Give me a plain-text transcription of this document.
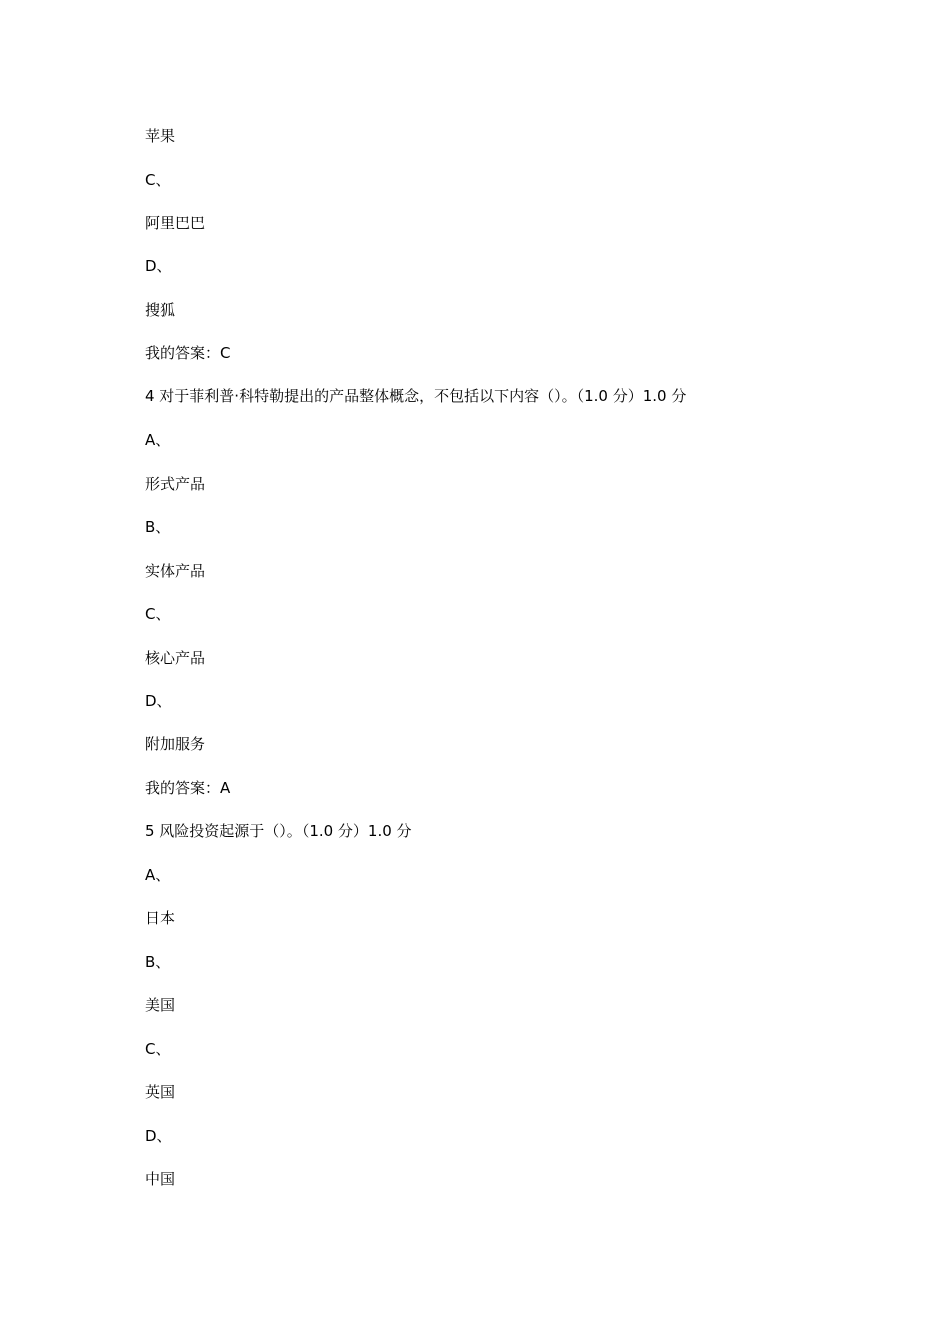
苹果
C、
阿里巴巴
D、
搜狐
我的答案：C
4 对于菲利普·科特勒提出的产品整体概念，不包括以下内容（）。（1.0 分）1.0 分
A、
形式产品
B、
实体产品
C、
核心产品
D、
附加服务
我的答案：A
5 风险投资起源于（）。（1.0 分）1.0 分
A、
日本
B、
美国
C、
英国
D、
中国
